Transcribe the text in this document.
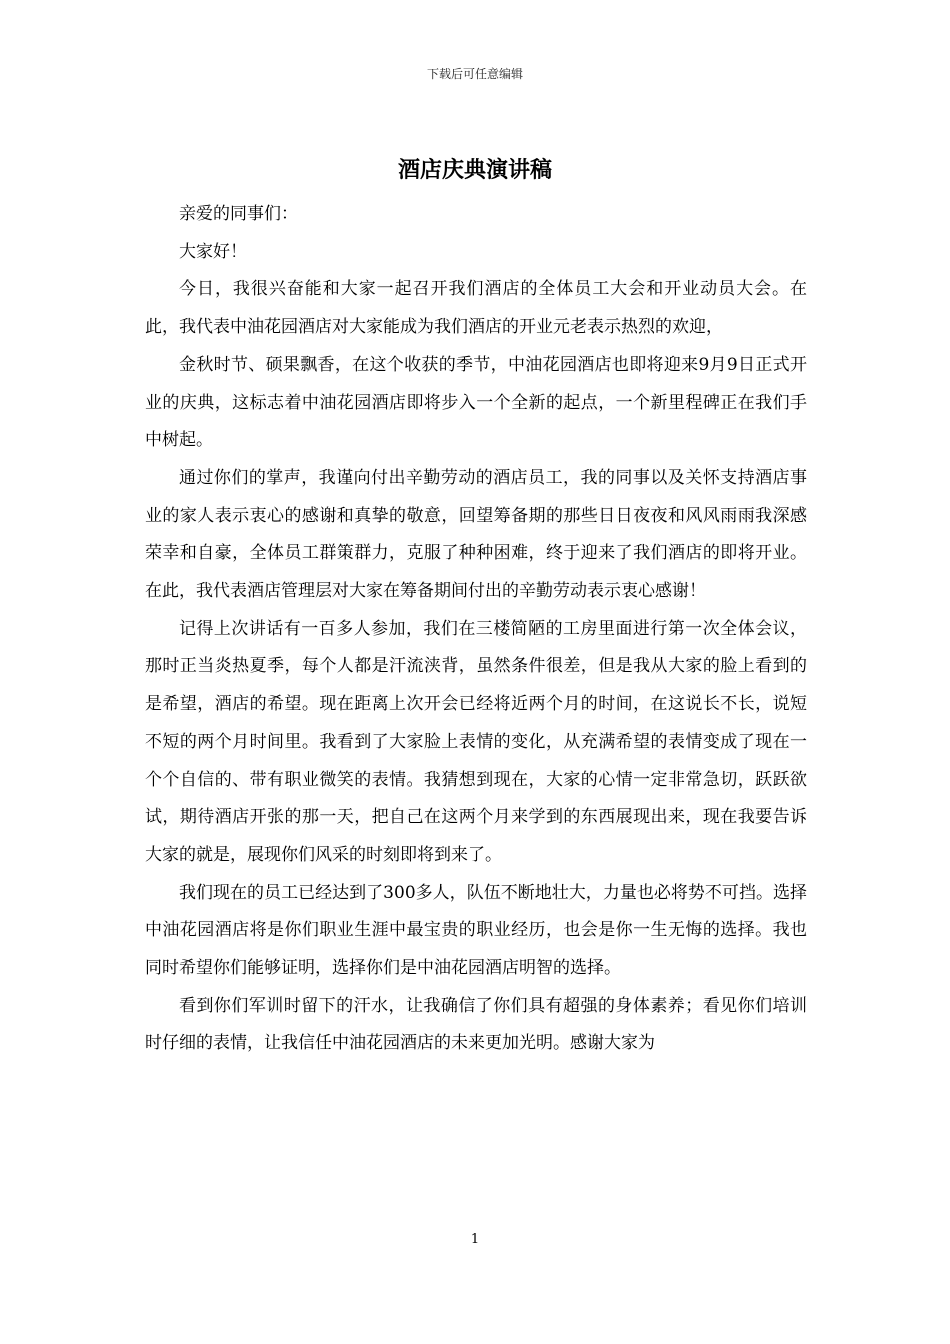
下载后可任意编辑
酒店庆典演讲稿

亲爱的同事们：

大家好！

今日，我很兴奋能和大家一起召开我们酒店的全体员工大会和开业动员大会。在此，我代表中油花园酒店对大家能成为我们酒店的开业元老表示热烈的欢迎，

金秋时节、硕果飘香，在这个收获的季节，中油花园酒店也即将迎来9月9日正式开业的庆典，这标志着中油花园酒店即将步入一个全新的起点，一个新里程碑正在我们手中树起。

通过你们的掌声，我谨向付出辛勤劳动的酒店员工，我的同事以及关怀支持酒店事业的家人表示衷心的感谢和真挚的敬意，回望筹备期的那些日日夜夜和风风雨雨我深感荣幸和自豪，全体员工群策群力，克服了种种困难，终于迎来了我们酒店的即将开业。在此，我代表酒店管理层对大家在筹备期间付出的辛勤劳动表示衷心感谢！

记得上次讲话有一百多人参加，我们在三楼简陋的工房里面进行第一次全体会议，那时正当炎热夏季，每个人都是汗流浃背，虽然条件很差，但是我从大家的脸上看到的是希望，酒店的希望。现在距离上次开会已经将近两个月的时间，在这说长不长，说短不短的两个月时间里。我看到了大家脸上表情的变化，从充满希望的表情变成了现在一个个自信的、带有职业微笑的表情。我猜想到现在，大家的心情一定非常急切，跃跃欲试，期待酒店开张的那一天，把自己在这两个月来学到的东西展现出来，现在我要告诉大家的就是，展现你们风采的时刻即将到来了。

我们现在的员工已经达到了300多人，队伍不断地壮大，力量也必将势不可挡。选择中油花园酒店将是你们职业生涯中最宝贵的职业经历，也会是你一生无悔的选择。我也同时希望你们能够证明，选择你们是中油花园酒店明智的选择。

看到你们军训时留下的汗水，让我确信了你们具有超强的身体素养；看见你们培训时仔细的表情，让我信任中油花园酒店的未来更加光明。感谢大家为

1
